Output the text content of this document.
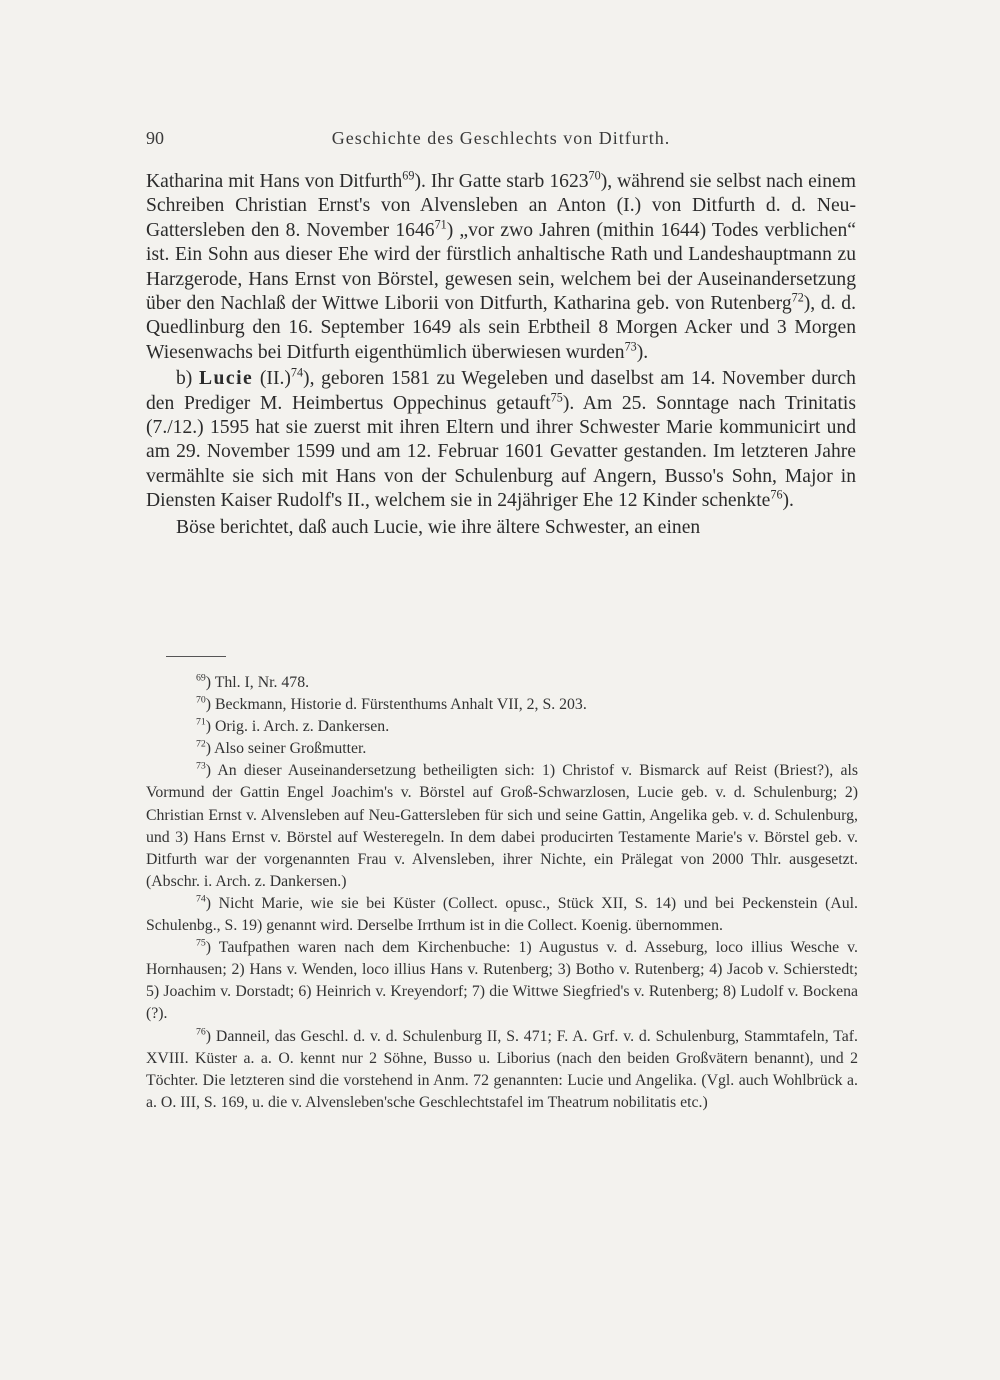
90	Geschichte des Geschlechts von Ditfurth.

Katharina mit Hans von Ditfurth$^{69}$). Ihr Gatte starb 1623$^{70}$), während sie selbst nach einem Schreiben Christian Ernst's von Alvensleben an Anton (I.) von Ditfurth d. d. Neu-Gattersleben den 8. November 1646$^{71}$) „vor zwo Jahren (mithin 1644) Todes verblichen“ ist. Ein Sohn aus dieser Ehe wird der fürstlich anhaltische Rath und Landeshauptmann zu Harzgerode, Hans Ernst von Börstel, gewesen sein, welchem bei der Auseinandersetzung über den Nachlaß der Wittwe Liborii von Ditfurth, Katharina geb. von Rutenberg$^{72}$), d. d. Quedlinburg den 16. September 1649 als sein Erbtheil 8 Morgen Acker und 3 Morgen Wiesenwachs bei Ditfurth eigenthümlich überwiesen wurden$^{73}$).

b) Lucie $(II.)^{74}$), geboren 1581 zu Wegeleben und daselbst am 14. November durch den Prediger M. Heimbertus Oppechinus getauft$^{75}$). Am 25. Sonntage nach Trinitatis (7./12.) 1595 hat sie zuerst mit ihren Eltern und ihrer Schwester Marie kommunicirt und am 29. November 1599 und am 12. Februar 1601 Gevatter gestanden. Im letzteren Jahre vermählte sie sich mit Hans von der Schulenburg auf Angern, Busso's Sohn, Major in Diensten Kaiser Rudolf's II., welchem sie in 24jähriger Ehe 12 Kinder schenkte$^{76}$).

Böse berichtet, daß auch Lucie, wie ihre ältere Schwester, an einen

$^{69}$) Thl. I, Nr. 478.

$^{70}$) Beckmann, Historie d. Fürstenthums Anhalt VII, 2, S. 203.

$^{71}$) Orig. i. Arch. z. Dankersen.

$^{72}$) Also seiner Großmutter.

$^{73}$) An dieser Auseinandersetzung betheiligten sich: 1) Christof v. Bismarck auf Reist (Briest?), als Vormund der Gattin Engel Joachim's v. Börstel auf Groß-Schwarzlosen, Lucie geb. v. d. Schulenburg; 2) Christian Ernst v. Alvensleben auf Neu-Gattersleben für sich und seine Gattin, Angelika geb. v. d. Schulenburg, und 3) Hans Ernst v. Börstel auf Westeregeln. In dem dabei producirten Testamente Marie's v. Börstel geb. v. Ditfurth war der vorgenannten Frau v. Alvensleben, ihrer Nichte, ein Prälegat von 2000 Thlr. ausgesetzt. (Abschr. i. Arch. z. Dankersen.)

$^{74}$) Nicht Marie, wie sie bei Küster (Collect. opusc., Stück XII, S. 14) und bei Peckenstein (Aul. Schulenbg., S. 19) genannt wird. Derselbe Irrthum ist in die Collect. Koenig. übernommen.

$^{75}$) Taufpathen waren nach dem Kirchenbuche: 1) Augustus v. d. Asseburg, loco illius Wesche v. Hornhausen; 2) Hans v. Wenden, loco illius Hans v. Rutenberg; 3) Botho v. Rutenberg; 4) Jacob v. Schierstedt; 5) Joachim v. Dorstadt; 6) Heinrich v. Kreyendorf; 7) die Wittwe Siegfried's v. Rutenberg; 8) Ludolf v. Bockena (?).

$^{76}$) Danneil, das Geschl. d. v. d. Schulenburg II, S. 471; F. A. Grf. v. d. Schulenburg, Stammtafeln, Taf. XVIII. Küster a. a. O. kennt nur 2 Söhne, Busso u. Liborius (nach den beiden Großvätern benannt), und 2 Töchter. Die letzteren sind die vorstehend in Anm. 72 genannten: Lucie und Angelika. (Vgl. auch Wohlbrück a. a. O. III, S. 169, u. die v. Alvensleben'sche Geschlechtstafel im Theatrum nobilitatis etc.)
